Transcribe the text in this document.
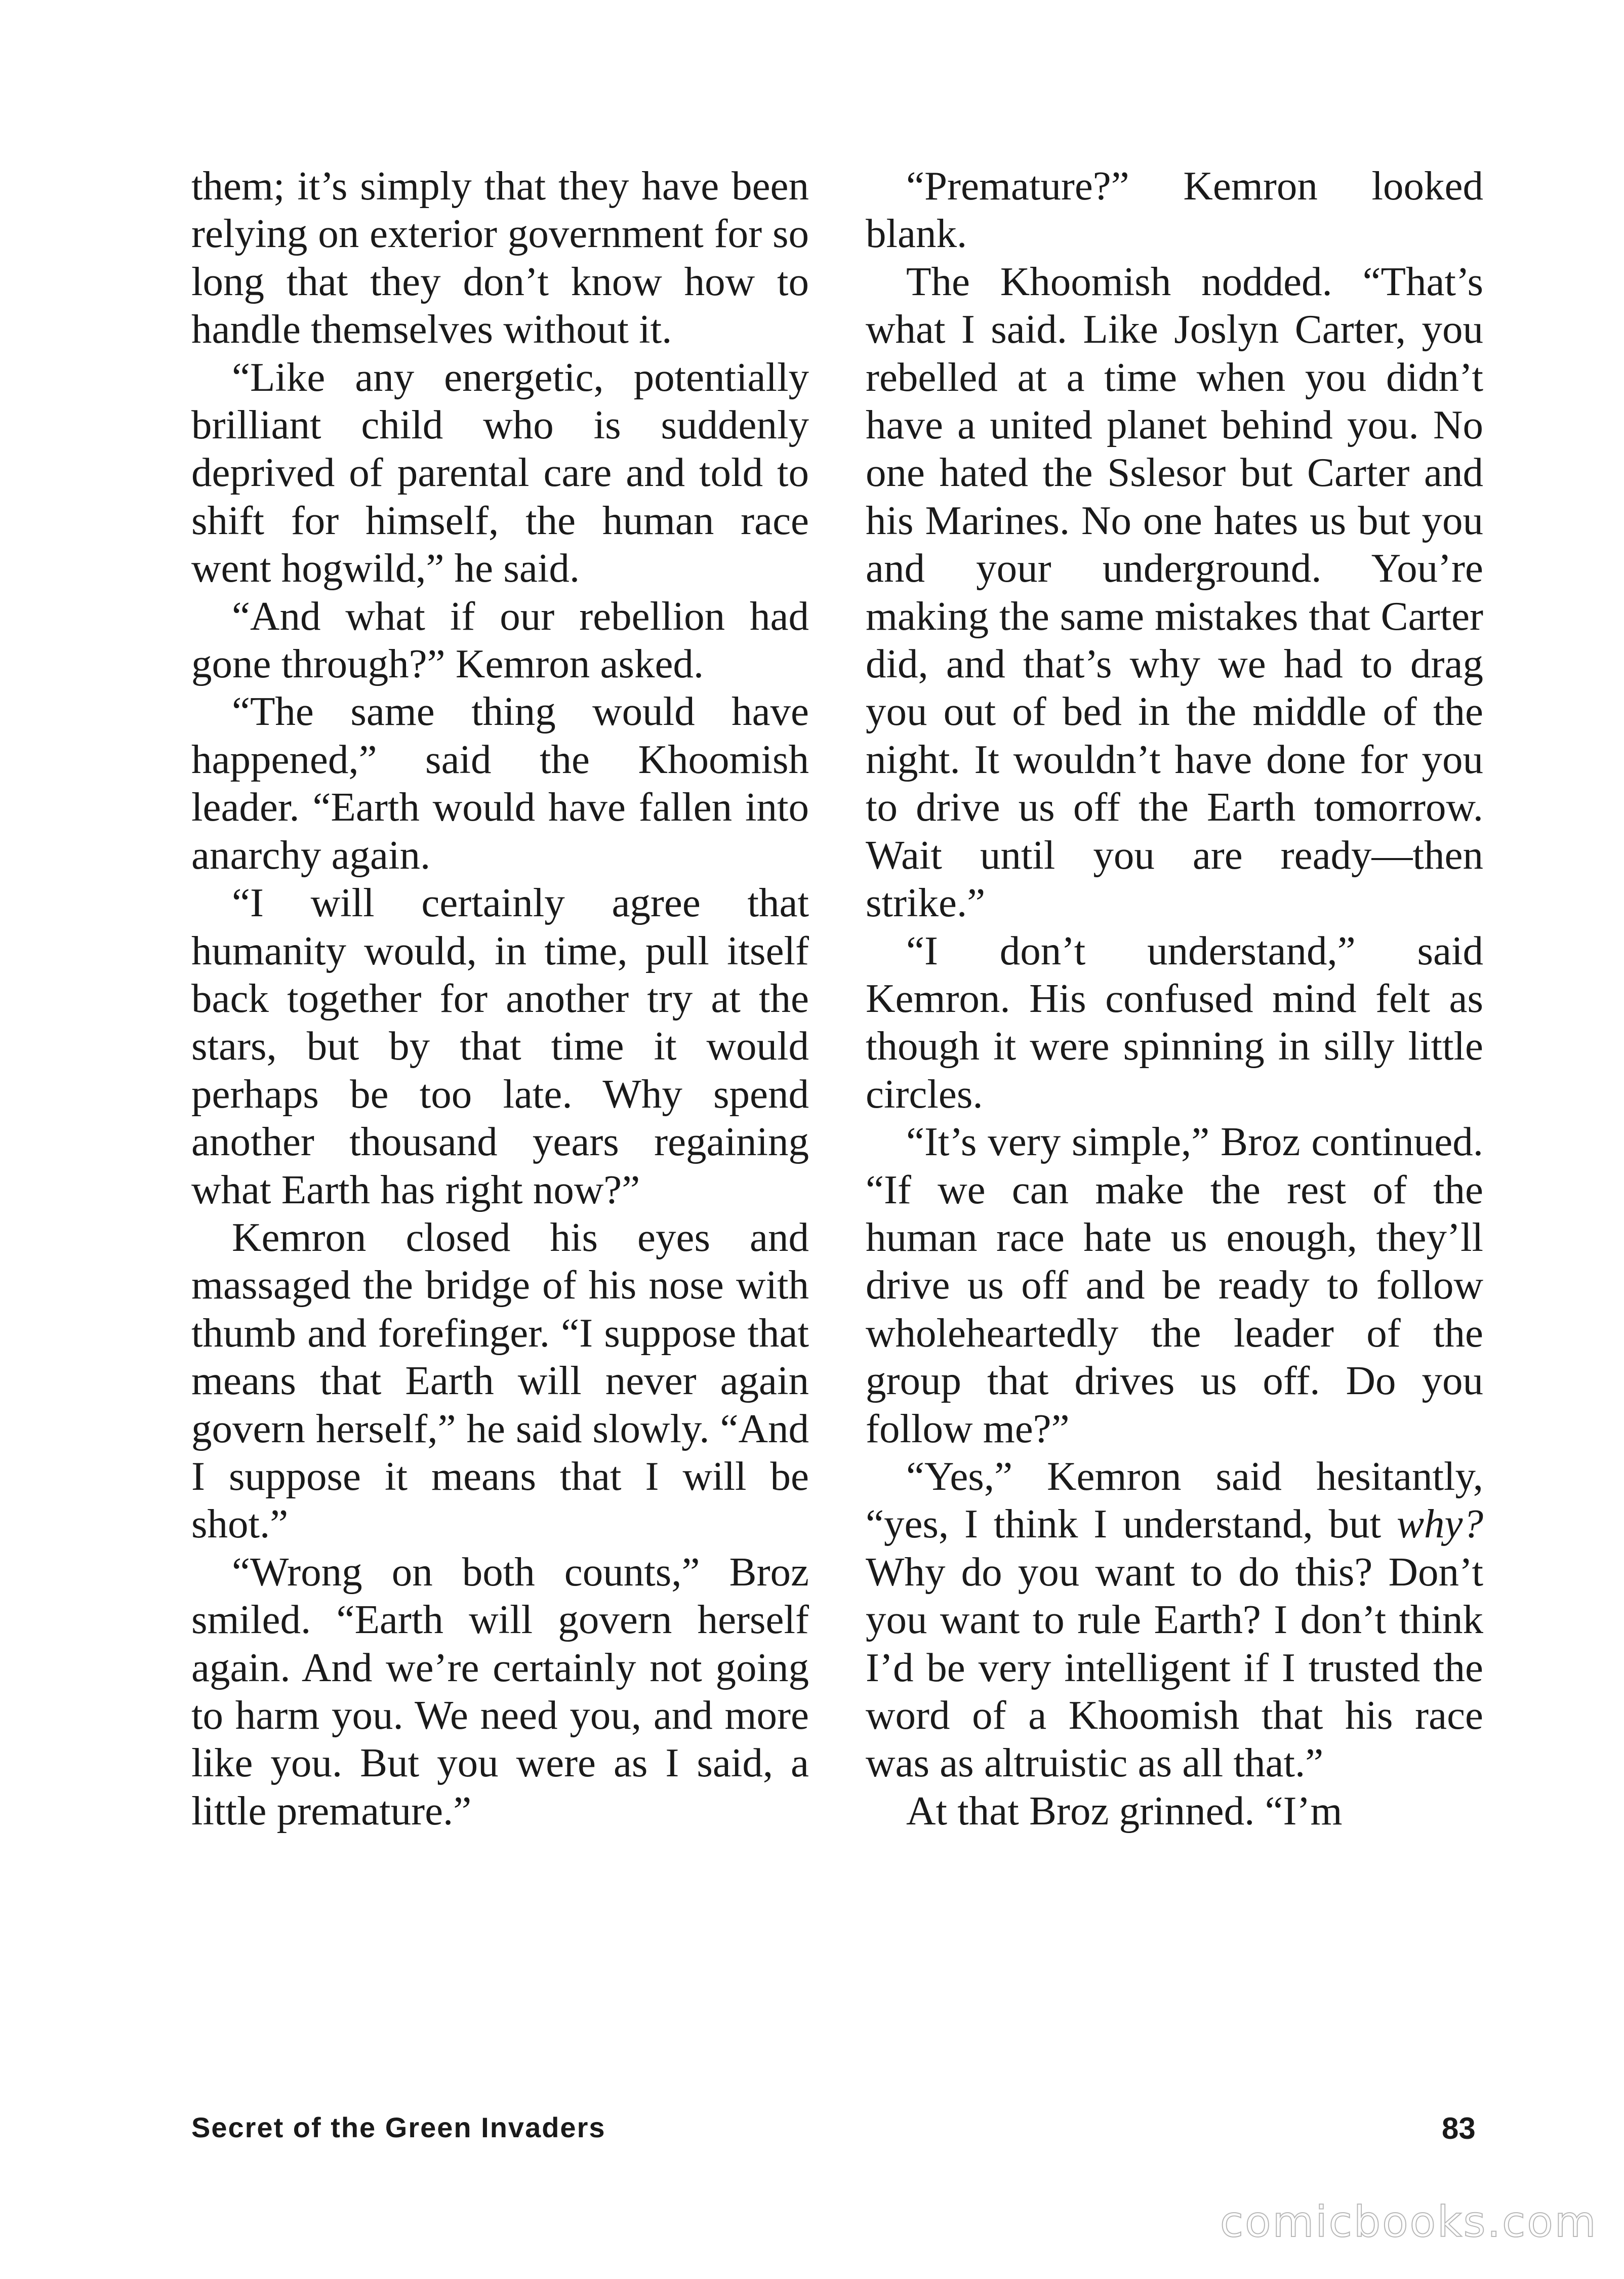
them; it’s simply that they have been relying on exterior government for so long that they don’t know how to handle themselves without it.

“Like any energetic, potentially brilliant child who is suddenly deprived of parental care and told to shift for himself, the human race went hogwild,” he said.

“And what if our rebellion had gone through?” Kemron asked.

“The same thing would have happened,” said the Khoomish leader. “Earth would have fallen into anarchy again.

“I will certainly agree that humanity would, in time, pull itself back together for another try at the stars, but by that time it would perhaps be too late. Why spend another thousand years regaining what Earth has right now?”

Kemron closed his eyes and massaged the bridge of his nose with thumb and forefinger. “I suppose that means that Earth will never again govern herself,” he said slowly. “And I suppose it means that I will be shot.”

“Wrong on both counts,” Broz smiled. “Earth will govern herself again. And we’re certainly not going to harm you. We need you, and more like you. But you were as I said, a little premature.”

“Premature?” Kemron looked blank.

The Khoomish nodded. “That’s what I said. Like Joslyn Carter, you rebelled at a time when you didn’t have a united planet behind you. No one hated the Sslesor but Carter and his Marines. No one hates us but you and your underground. You’re making the same mistakes that Carter did, and that’s why we had to drag you out of bed in the middle of the night. It wouldn’t have done for you to drive us off the Earth tomorrow. Wait until you are ready—then strike.”

“I don’t understand,” said Kemron. His confused mind felt as though it were spinning in silly little circles.

“It’s very simple,” Broz continued. “If we can make the rest of the human race hate us enough, they’ll drive us off and be ready to follow wholeheartedly the leader of the group that drives us off. Do you follow me?”

“Yes,” Kemron said hesitantly, “yes, I think I understand, but why? Why do you want to do this? Don’t you want to rule Earth? I don’t think I’d be very intelligent if I trusted the word of a Khoomish that his race was as altruistic as all that.”

At that Broz grinned. “I’m

Secret of the Green Invaders	83
comicbooks.com
